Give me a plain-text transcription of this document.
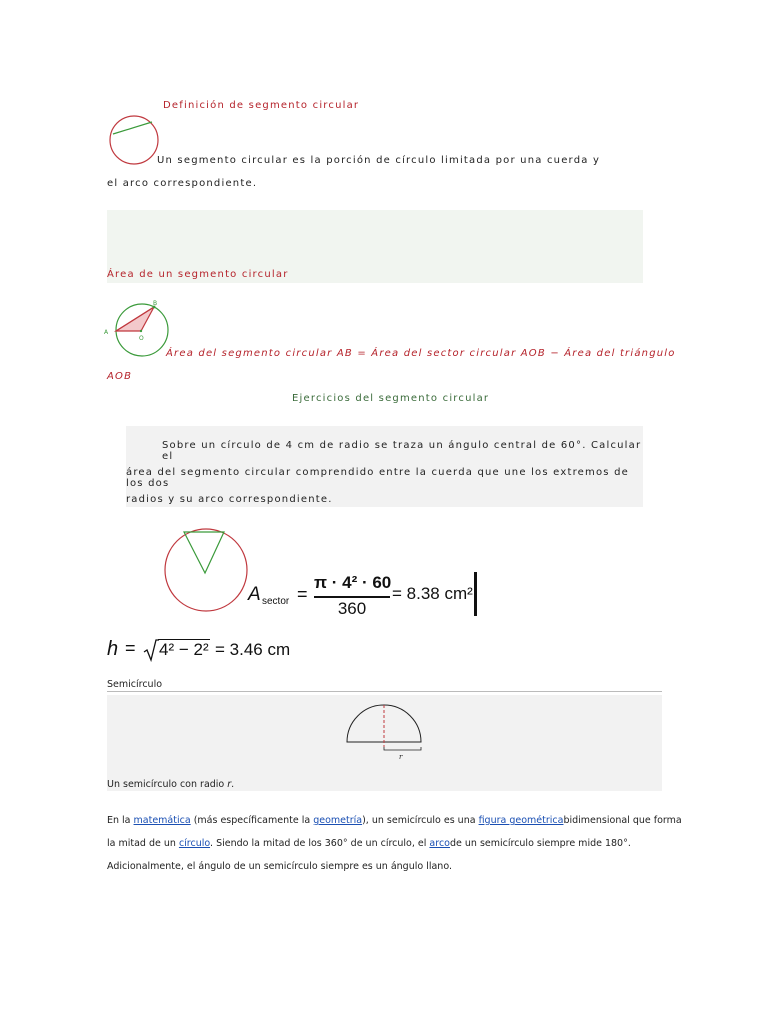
Definición de segmento circular
Un segmento circular es la porción de círculo limitada por una cuerda y
el arco correspondiente.
Área de un segmento circular
A
B
O
Área del segmento circular AB = Área del sector circular AOB − Área del triángulo
AOB
Ejercicios del segmento circular
Sobre un círculo de 4 cm de radio se traza un ángulo central de 60°. Calcular el
área del segmento circular comprendido entre la cuerda que une los extremos de los dos
radios y su arco correspondiente.
A sector =
π · 4² · 60
360
= 8.38 cm²
h = 4² − 2² = 3.46 cm
Semicírculo
r
Un semicírculo con radio r.
En la matemática (más específicamente la geometría), un semicírculo es una figura geométricabidimensional que forma
la mitad de un círculo. Siendo la mitad de los 360° de un círculo, el arcode un semicírculo siempre mide 180°.
Adicionalmente, el ángulo de un semicírculo siempre es un ángulo llano.
